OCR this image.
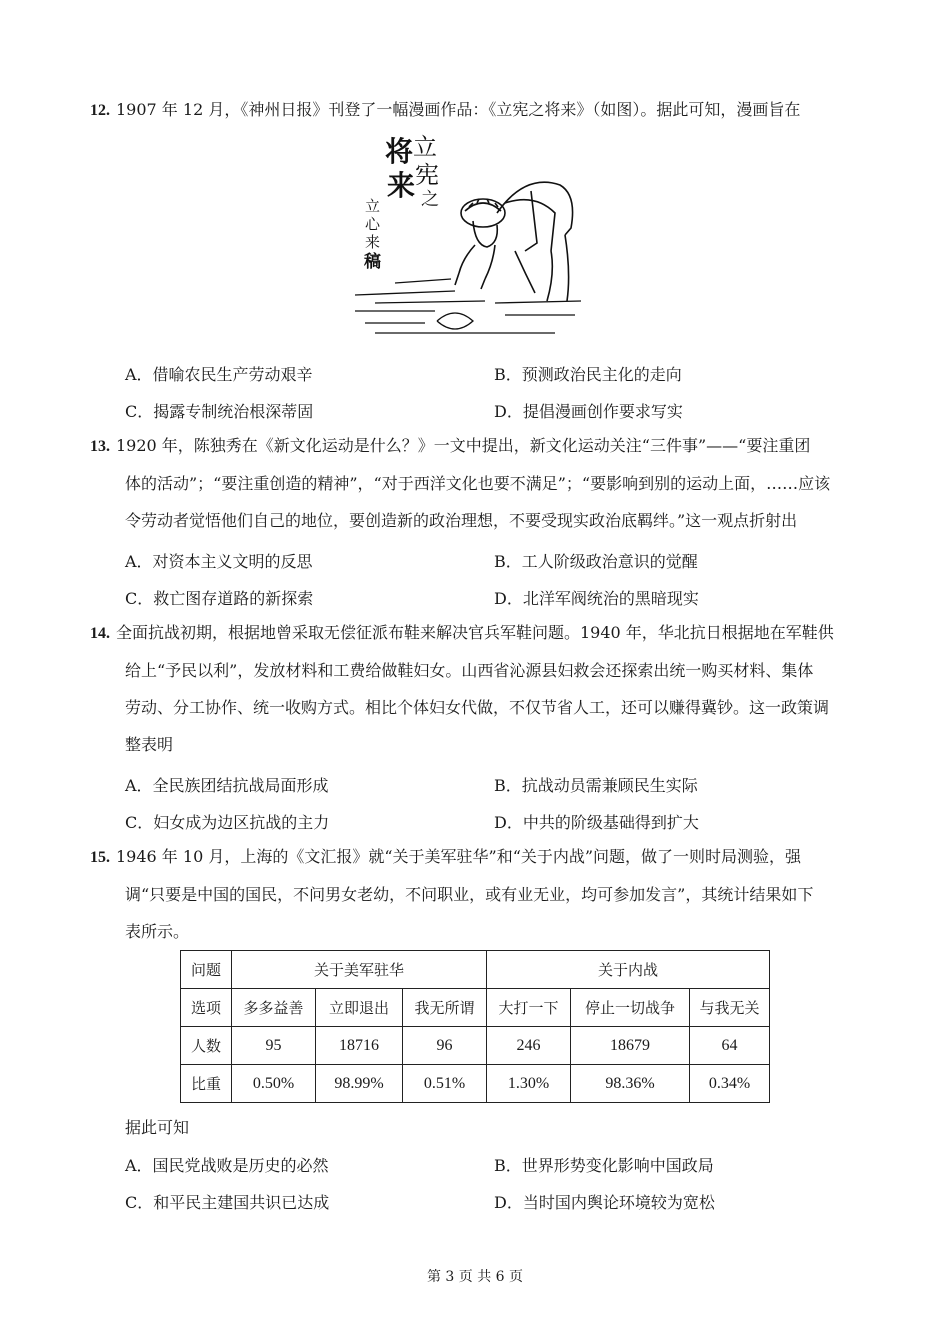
12. 1907 年 12 月，《神州日报》刊登了一幅漫画作品：《立宪之将来》（如图）。据此可知，漫画旨在
立
宪
之
将
来
立
心
来
稿
A．借喻农民生产劳动艰辛	B．预测政治民主化的走向
C．揭露专制统治根深蒂固	D．提倡漫画创作要求写实
13. 1920 年，陈独秀在《新文化运动是什么？》一文中提出，新文化运动关注“三件事”——“要注重团
体的活动”；“要注重创造的精神”，“对于西洋文化也要不满足”；“要影响到别的运动上面，……应该
令劳动者觉悟他们自己的地位，要创造新的政治理想，不要受现实政治底羁绊。”这一观点折射出
A．对资本主义文明的反思	B．工人阶级政治意识的觉醒
C．救亡图存道路的新探索	D．北洋军阀统治的黑暗现实
14. 全面抗战初期，根据地曾采取无偿征派布鞋来解决官兵军鞋问题。1940 年，华北抗日根据地在军鞋供
给上“予民以利”，发放材料和工费给做鞋妇女。山西省沁源县妇救会还探索出统一购买材料、集体
劳动、分工协作、统一收购方式。相比个体妇女代做，不仅节省人工，还可以赚得冀钞。这一政策调
整表明
A．全民族团结抗战局面形成	B．抗战动员需兼顾民生实际
C．妇女成为边区抗战的主力	D．中共的阶级基础得到扩大
15. 1946 年 10 月，上海的《文汇报》就“关于美军驻华”和“关于内战”问题，做了一则时局测验，强
调“只要是中国的国民，不问男女老幼，不问职业，或有业无业，均可参加发言”，其统计结果如下
表所示。
问题	关于美军驻华			关于内战		
选项	多多益善	立即退出	我无所谓	大打一下	停止一切战争	与我无关
人数	95	18716	96	246	18679	64
比重	0.50%	98.99%	0.51%	1.30%	98.36%	0.34%
据此可知
A．国民党战败是历史的必然	B．世界形势变化影响中国政局
C．和平民主建国共识已达成	D．当时国内舆论环境较为宽松
第 3 页 共 6 页
